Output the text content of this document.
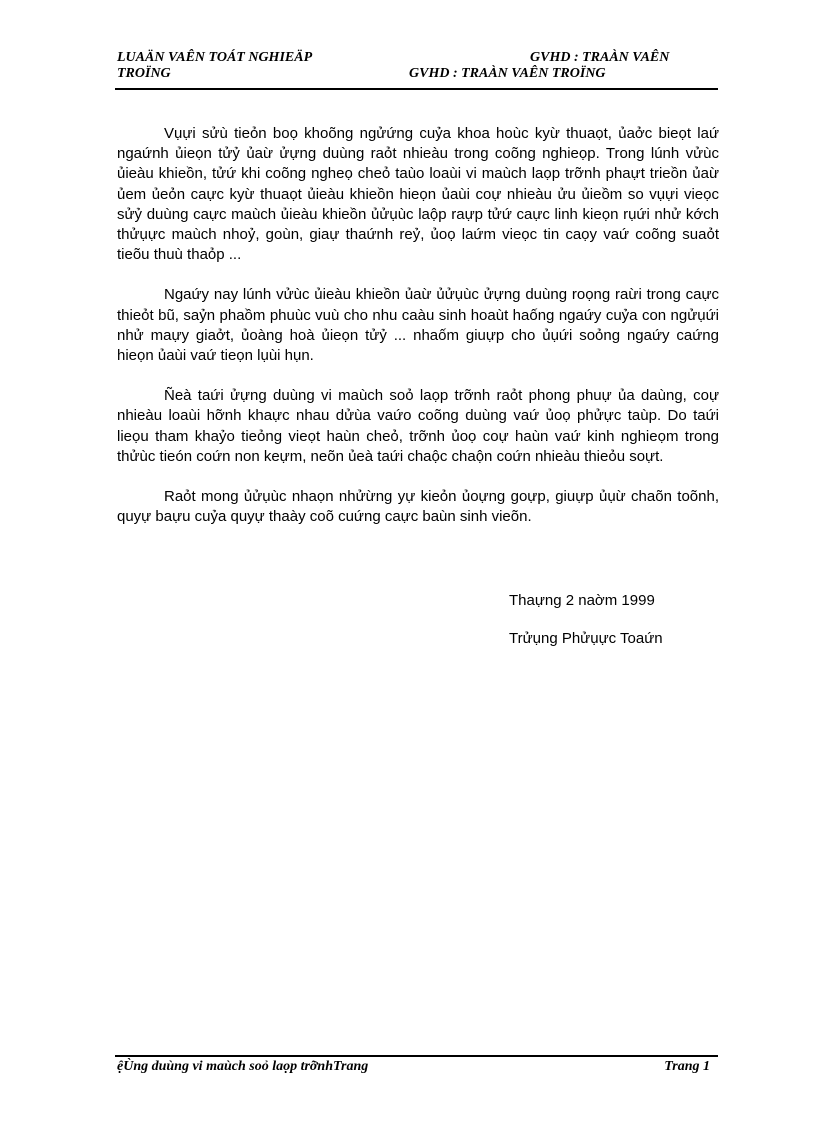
LUAÄN VAÊN TOÁT NGHIEÄP	GVHD : TRAÀN VAÊN
TROÏNG	GVHD : TRAÀN VAÊN TROÏNG

Vụựi sửù tieỏn boọ khoõng ngửứng cuỷa khoa hoùc kyừ thuaọt, ủaởc bieọt laứ ngaứnh ủieọn tửỷ ủaừ ửựng duùng raỏt nhieàu trong coõng nghieọp. Trong lúnh vửùc ủieàu khieồn, tửứ khi coõng ngheọ cheỏ taùo loaùi vi maùch laọp trỡnh phaựt trieồn ủaừ ủem ủeỏn caực kyừ thuaọt ủieàu khieồn hieọn ủaùi coự nhieàu ửu ủieồm so vụựi vieọc sửỷ duùng caực maùch ủieàu khieồn ủửụùc laộp raựp tửứ caực linh kieọn rụứi nhử kớch thửụực maùch nhoỷ, goùn, giaự thaứnh reỷ, ủoọ laứm vieọc tin caọy vaứ coõng suaỏt tieõu thuù thaỏp ...

Ngaứy nay lúnh vửùc ủieàu khieồn ủaừ ủửụùc ửựng duùng roọng raừi trong caực thieỏt bũ, saỷn phaồm phuùc vuù cho nhu caàu sinh hoaùt haống ngaứy cuỷa con ngửụứi nhử maựy giaởt, ủoàng hoà ủieọn tửỷ ... nhaốm giuựp cho ủụứi soỏng ngaứy caứng hieọn ủaùi vaứ tieọn lụùi hụn.

Ñeà taứi ửựng duùng vi maùch soỏ laọp trỡnh raỏt phong phuự ủa daùng, coự nhieàu loaùi hỡnh khaực nhau dửùa vaứo coõng duùng vaứ ủoọ phửực taùp. Do taứi lieọu tham khaỷo tieỏng vieọt haùn cheỏ, trỡnh ủoọ coự haùn vaứ kinh nghieọm trong thửùc tieón coứn non keựm, neõn ủeà taứi chaộc chaộn coứn nhieàu thieỏu soựt.

Raỏt mong ủửụùc nhaọn nhửừng yự kieỏn ủoựng goựp, giuựp ủụừ chaõn toõnh, quyự baựu cuỷa quyự thaày coõ cuứng caực baùn sinh vieõn.

Thaựng 2 naờm 1999
Trửụng Phửụực Toaứn
ệÙng duùng vi maùch soỏ laọp trỡnhTrang	Trang 1
